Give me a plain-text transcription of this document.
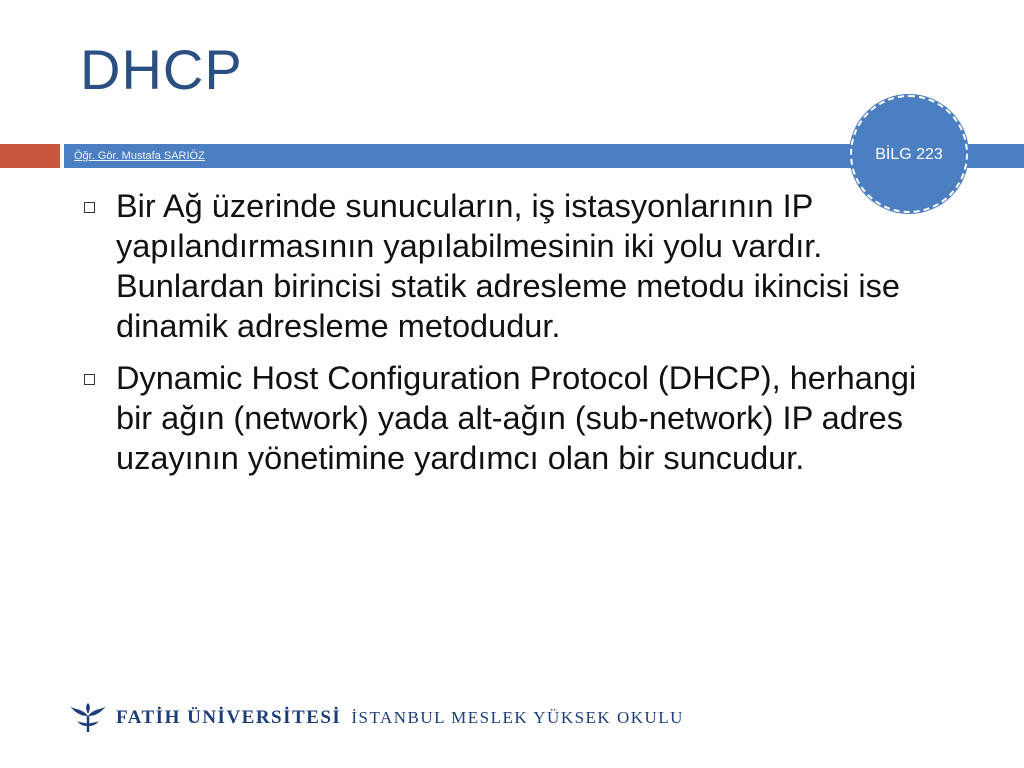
DHCP
Öğr. Gör. Mustafa SARIÖZ	BİLG 223
Bir Ağ üzerinde sunucuların, iş istasyonlarının IP yapılandırmasının yapılabilmesinin iki yolu vardır. Bunlardan birincisi statik adresleme metodu ikincisi ise dinamik adresleme metodudur.
Dynamic Host Configuration Protocol (DHCP), herhangi bir ağın (network) yada alt-ağın (sub-network) IP adres uzayının yönetimine yardımcı olan bir suncudur.
FATİH ÜNİVERSİTESİ İSTANBUL MESLEK YÜKSEK OKULU
